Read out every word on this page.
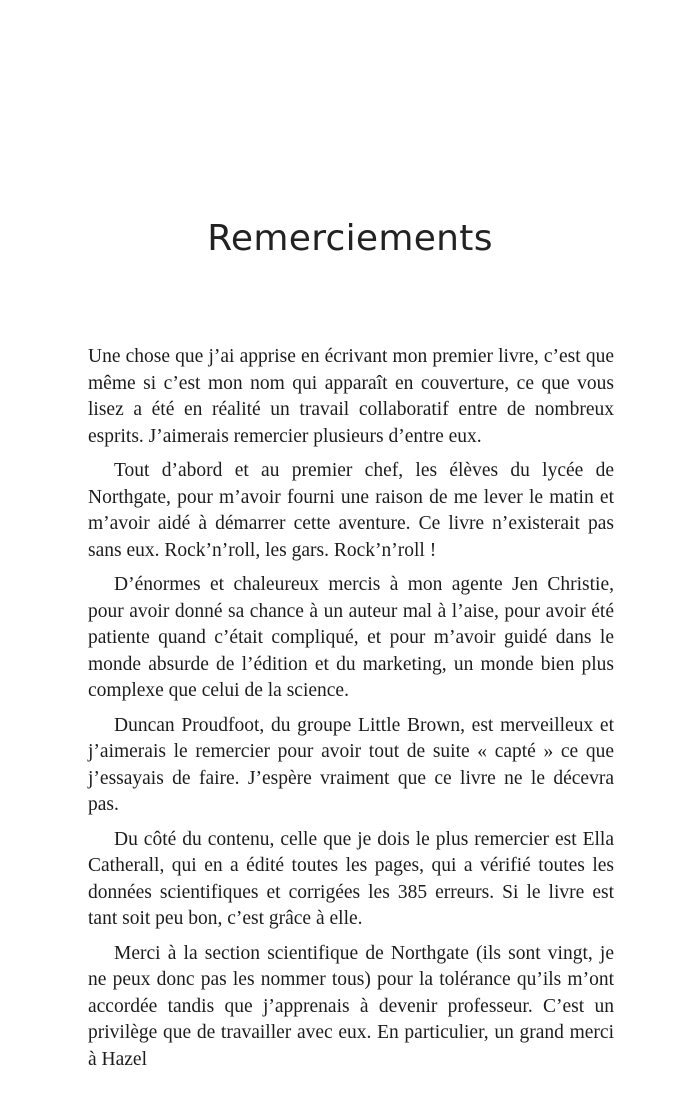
Remerciements

Une chose que j’ai apprise en écrivant mon premier livre, c’est que même si c’est mon nom qui apparaît en couverture, ce que vous lisez a été en réalité un travail collaboratif entre de nombreux esprits. J’aimerais remercier plusieurs d’entre eux.

Tout d’abord et au premier chef, les élèves du lycée de Northgate, pour m’avoir fourni une raison de me lever le matin et m’avoir aidé à démarrer cette aventure. Ce livre n’existerait pas sans eux. Rock’n’roll, les gars. Rock’n’roll !

D’énormes et chaleureux mercis à mon agente Jen Christie, pour avoir donné sa chance à un auteur mal à l’aise, pour avoir été patiente quand c’était compliqué, et pour m’avoir guidé dans le monde absurde de l’édition et du marketing, un monde bien plus complexe que celui de la science.

Duncan Proudfoot, du groupe Little Brown, est merveilleux et j’aimerais le remercier pour avoir tout de suite « capté » ce que j’essayais de faire. J’espère vraiment que ce livre ne le décevra pas.

Du côté du contenu, celle que je dois le plus remercier est Ella Catherall, qui en a édité toutes les pages, qui a vérifié toutes les données scientifiques et corrigées les 385 erreurs. Si le livre est tant soit peu bon, c’est grâce à elle.

Merci à la section scientifique de Northgate (ils sont vingt, je ne peux donc pas les nommer tous) pour la tolérance qu’ils m’ont accordée tandis que j’apprenais à devenir professeur. C’est un privilège que de travailler avec eux. En particulier, un grand merci à Hazel
